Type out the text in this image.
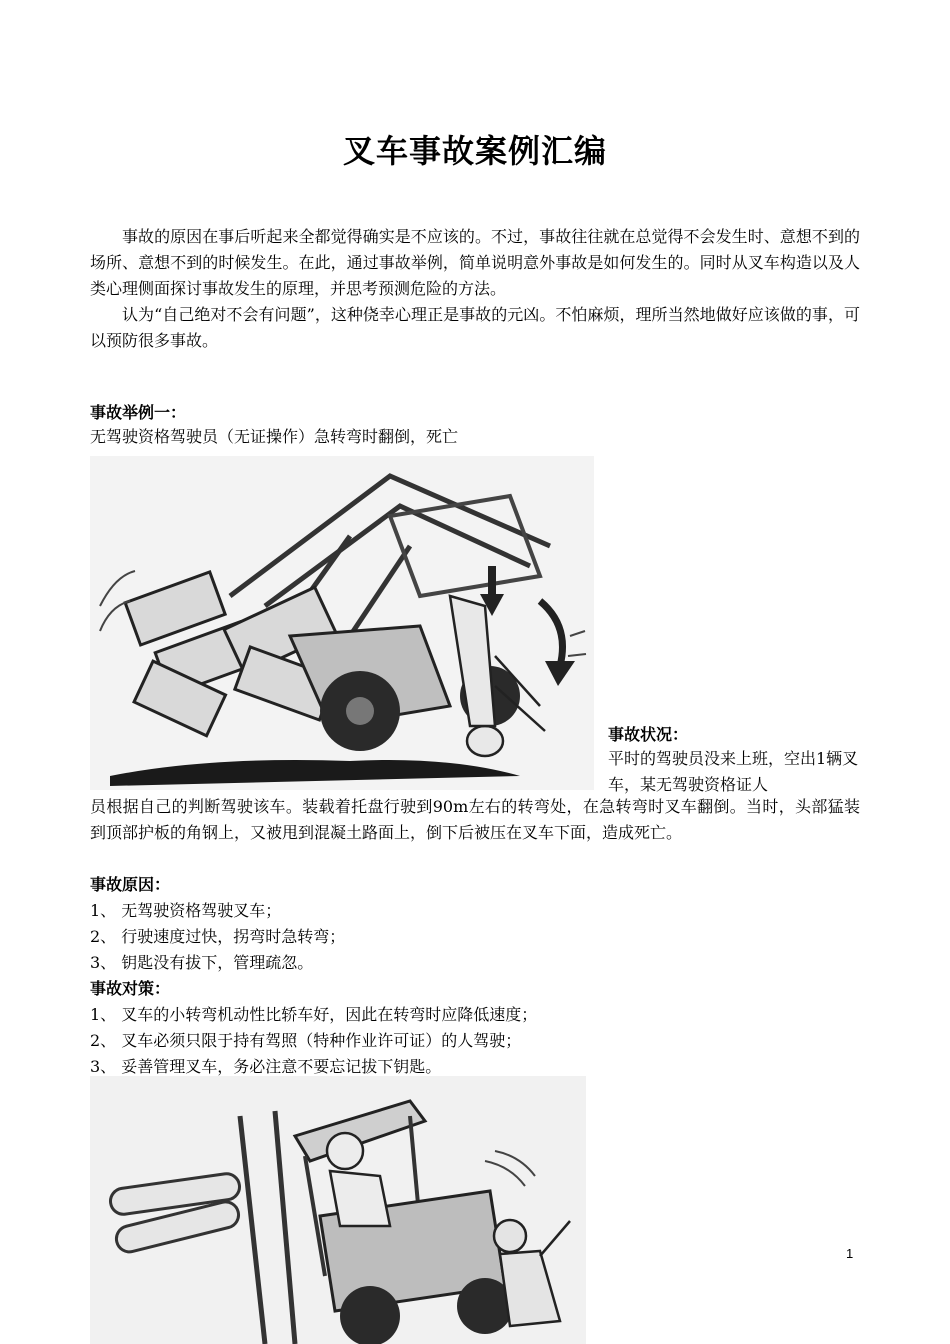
叉车事故案例汇编

事故的原因在事后听起来全都觉得确实是不应该的。不过，事故往往就在总觉得不会发生时、意想不到的场所、意想不到的时候发生。在此，通过事故举例，简单说明意外事故是如何发生的。同时从叉车构造以及人类心理侧面探讨事故发生的原理，并思考预测危险的方法。

认为“自己绝对不会有问题”，这种侥幸心理正是事故的元凶。不怕麻烦，理所当然地做好应该做的事，可以预防很多事故。

事故举例一：
无驾驶资格驾驶员（无证操作）急转弯时翻倒，死亡
事故状况：
平时的驾驶员没来上班，空出1辆叉车，某无驾驶资格证人
员根据自己的判断驾驶该车。装载着托盘行驶到90m左右的转弯处，在急转弯时叉车翻倒。当时，头部猛装到顶部护板的角钢上，又被甩到混凝土路面上，倒下后被压在叉车下面，造成死亡。
事故原因：
1、 无驾驶资格驾驶叉车；
2、 行驶速度过快，拐弯时急转弯；
3、 钥匙没有拔下，管理疏忽。
事故对策：
1、 叉车的小转弯机动性比轿车好，因此在转弯时应降低速度；
2、 叉车必须只限于持有驾照（特种作业许可证）的人驾驶；
3、 妥善管理叉车，务必注意不要忘记拔下钥匙。
1
